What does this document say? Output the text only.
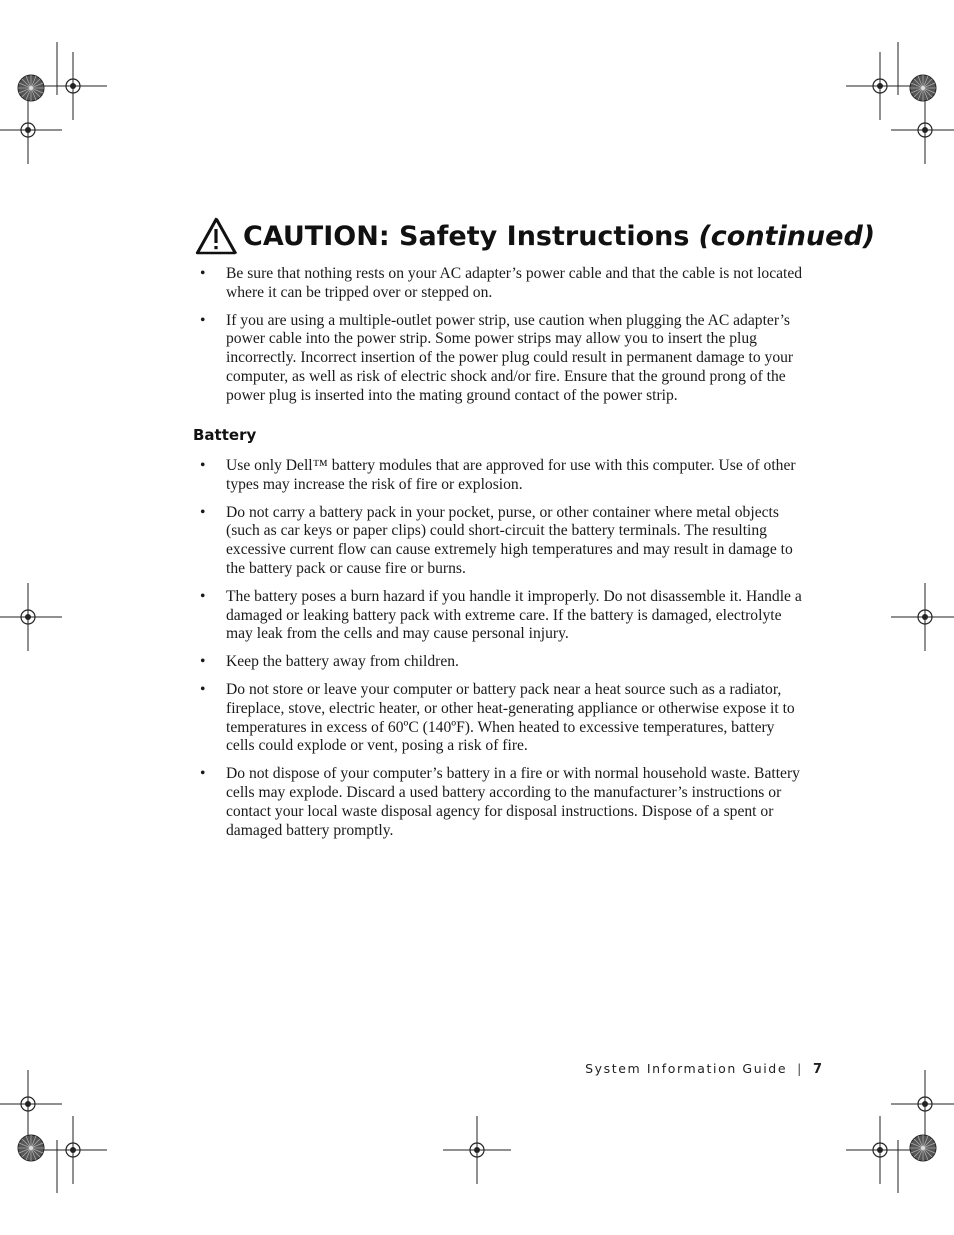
CAUTION: Safety Instructions (continued)
• Be sure that nothing rests on your AC adapter’s power cable and that the cable is not located where it can be tripped over or stepped on.
• If you are using a multiple-outlet power strip, use caution when plugging the AC adapter’s power cable into the power strip. Some power strips may allow you to insert the plug incorrectly. Incorrect insertion of the power plug could result in permanent damage to your computer, as well as risk of electric shock and/or fire. Ensure that the ground prong of the power plug is inserted into the mating ground contact of the power strip.
Battery
• Use only Dell™ battery modules that are approved for use with this computer. Use of other types may increase the risk of fire or explosion.
• Do not carry a battery pack in your pocket, purse, or other container where metal objects (such as car keys or paper clips) could short-circuit the battery terminals. The resulting excessive current flow can cause extremely high temperatures and may result in damage to the battery pack or cause fire or burns.
• The battery poses a burn hazard if you handle it improperly. Do not disassemble it. Handle a damaged or leaking battery pack with extreme care. If the battery is damaged, electrolyte may leak from the cells and may cause personal injury.
• Keep the battery away from children.
• Do not store or leave your computer or battery pack near a heat source such as a radiator, fireplace, stove, electric heater, or other heat-generating appliance or otherwise expose it to temperatures in excess of 60ºC (140ºF). When heated to excessive temperatures, battery cells could explode or vent, posing a risk of fire.
• Do not dispose of your computer’s battery in a fire or with normal household waste. Battery cells may explode. Discard a used battery according to the manufacturer’s instructions or contact your local waste disposal agency for disposal instructions. Dispose of a spent or damaged battery promptly.
System Information Guide | 7
